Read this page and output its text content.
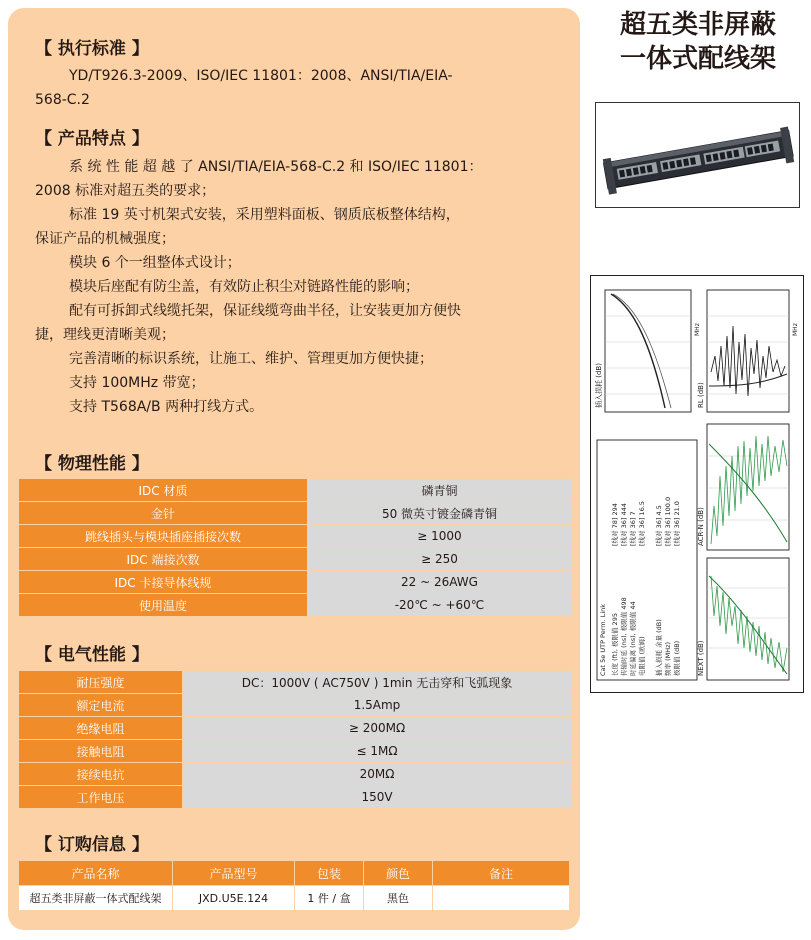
【 执行标准 】

YD/T926.3-2009、ISO/IEC 11801：2008、ANSI/TIA/EIA-

568-C.2

【 产品特点 】

系 统 性 能 超 越 了 ANSI/TIA/EIA-568-C.2 和 ISO/IEC 11801：

2008 标准对超五类的要求；

标准 19 英寸机架式安装，采用塑料面板、钢质底板整体结构，

保证产品的机械强度；

模块 6 个一组整体式设计；

模块后座配有防尘盖，有效防止积尘对链路性能的影响；

配有可拆卸式线缆托架，保证线缆弯曲半径，让安装更加方便快

捷，理线更清晰美观；

完善清晰的标识系统，让施工、维护、管理更加方便快捷；

支持 100MHz 带宽；

支持 T568A/B 两种打线方式。

【 物理性能 】
IDC 材质	磷青铜
金针	50 微英寸镀金磷青铜
跳线插头与模块插座插接次数	≥ 1000
IDC 端接次数	≥ 250
IDC 卡接导体线规	22 ~ 26AWG
使用温度	-20℃ ~ +60℃
【 电气性能 】
耐压强度	DC：1000V ( AC750V ) 1min 无击穿和飞弧现象
额定电流	1.5Amp
绝缘电阻	≥ 200MΩ
接触电阻	≤ 1MΩ
接续电抗	20MΩ
工作电压	150V
【 订购信息 】
产品名称	产品型号	包装	颜色	备注
超五类非屏蔽一体式配线架	JXD.U5E.124	1 件 / 盒	黑色	
超五类非屏蔽
一体式配线架
插入损耗 (dB)	RL (dB)
ACR-N (dB)
NEXT (dB)
MHz	MHz
Cat 5e UTP Perm. Link 长度 (ft), 极限值 295 传输时延 (ns), 极限值 498 时延偏离 (ns), 极限值 44 电阻值 (欧姆)
[线对 78] 294 [线对 36] 444 [线对 36] 7 [线对 36] 16.5
插入损耗 余量 (dB) 频率 (MHz) 极限值 (dB)
[线对 36] 4.5 [线对 36] 100.0 [线对 36] 21.0
